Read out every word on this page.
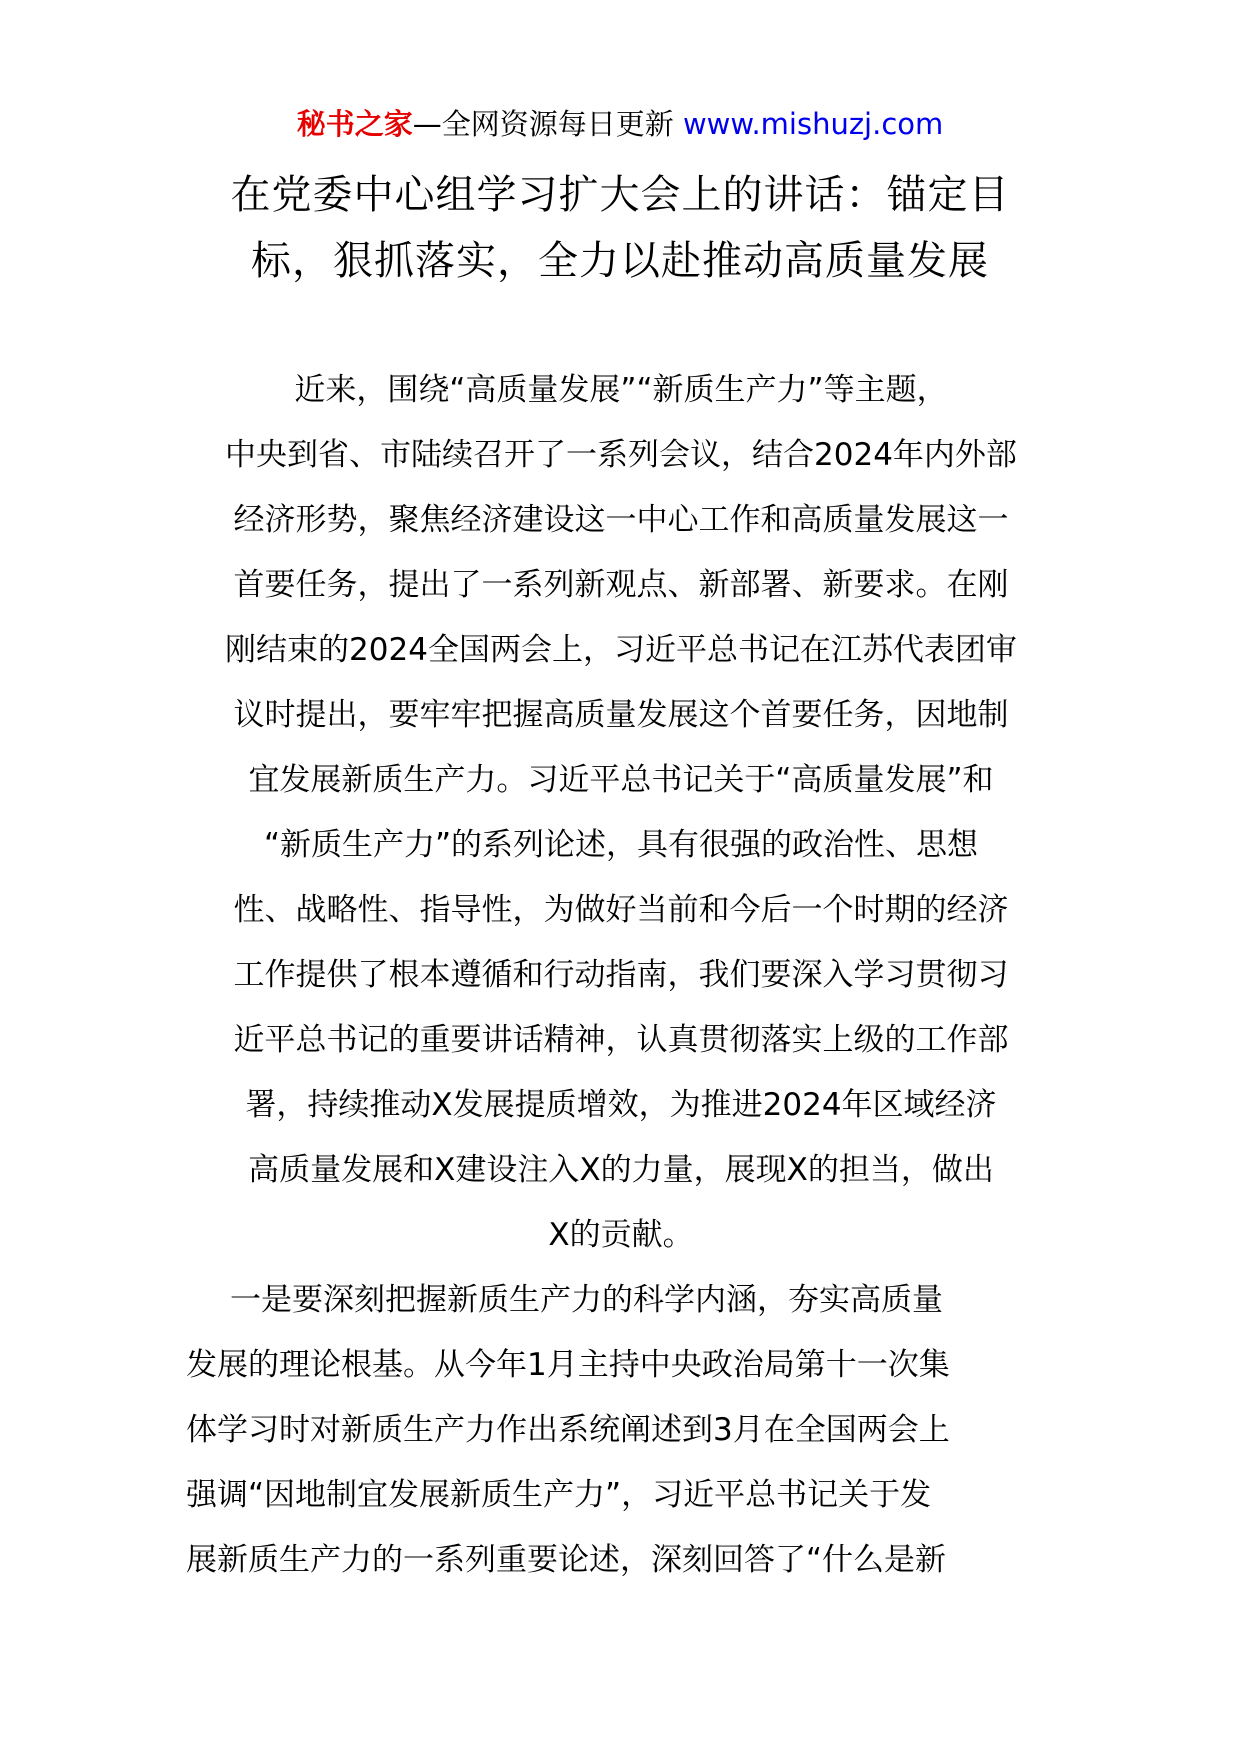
秘书之家—全网资源每日更新 www.mishuzj.com
在党委中心组学习扩大会上的讲话：锚定目
标，狠抓落实，全力以赴推动高质量发展
近来，围绕“高质量发展”“新质生产力”等主题，
中央到省、市陆续召开了一系列会议，结合2024年内外部
经济形势，聚焦经济建设这一中心工作和高质量发展这一
首要任务，提出了一系列新观点、新部署、新要求。在刚
刚结束的2024全国两会上，习近平总书记在江苏代表团审
议时提出，要牢牢把握高质量发展这个首要任务，因地制
宜发展新质生产力。习近平总书记关于“高质量发展”和
“新质生产力”的系列论述，具有很强的政治性、思想
性、战略性、指导性，为做好当前和今后一个时期的经济
工作提供了根本遵循和行动指南，我们要深入学习贯彻习
近平总书记的重要讲话精神，认真贯彻落实上级的工作部
署，持续推动X发展提质增效，为推进2024年区域经济
高质量发展和X建设注入X的力量，展现X的担当，做出
X的贡献。
一是要深刻把握新质生产力的科学内涵，夯实高质量
发展的理论根基。从今年1月主持中央政治局第十一次集
体学习时对新质生产力作出系统阐述到3月在全国两会上
强调“因地制宜发展新质生产力”，习近平总书记关于发
展新质生产力的一系列重要论述，深刻回答了“什么是新
